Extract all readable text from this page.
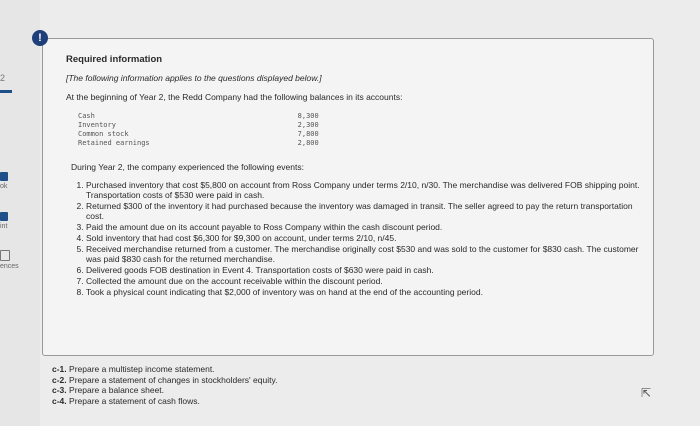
2
ok
int
ences
!
Required information
[The following information applies to the questions displayed below.]
At the beginning of Year 2, the Redd Company had the following balances in its accounts:
Cash	8,300
Inventory	2,300
Common stock	7,800
Retained earnings	2,800
During Year 2, the company experienced the following events:
1. Purchased inventory that cost $5,800 on account from Ross Company under terms 2/10, n/30. The merchandise was delivered FOB shipping point. Transportation costs of $530 were paid in cash.
2. Returned $300 of the inventory it had purchased because the inventory was damaged in transit. The seller agreed to pay the return transportation cost.
3. Paid the amount due on its account payable to Ross Company within the cash discount period.
4. Sold inventory that had cost $6,300 for $9,300 on account, under terms 2/10, n/45.
5. Received merchandise returned from a customer. The merchandise originally cost $530 and was sold to the customer for $830 cash. The customer was paid $830 cash for the returned merchandise.
6. Delivered goods FOB destination in Event 4. Transportation costs of $630 were paid in cash.
7. Collected the amount due on the account receivable within the discount period.
8. Took a physical count indicating that $2,000 of inventory was on hand at the end of the accounting period.
c-1. Prepare a multistep income statement.
c-2. Prepare a statement of changes in stockholders' equity.
c-3. Prepare a balance sheet.
c-4. Prepare a statement of cash flows.
⇱
